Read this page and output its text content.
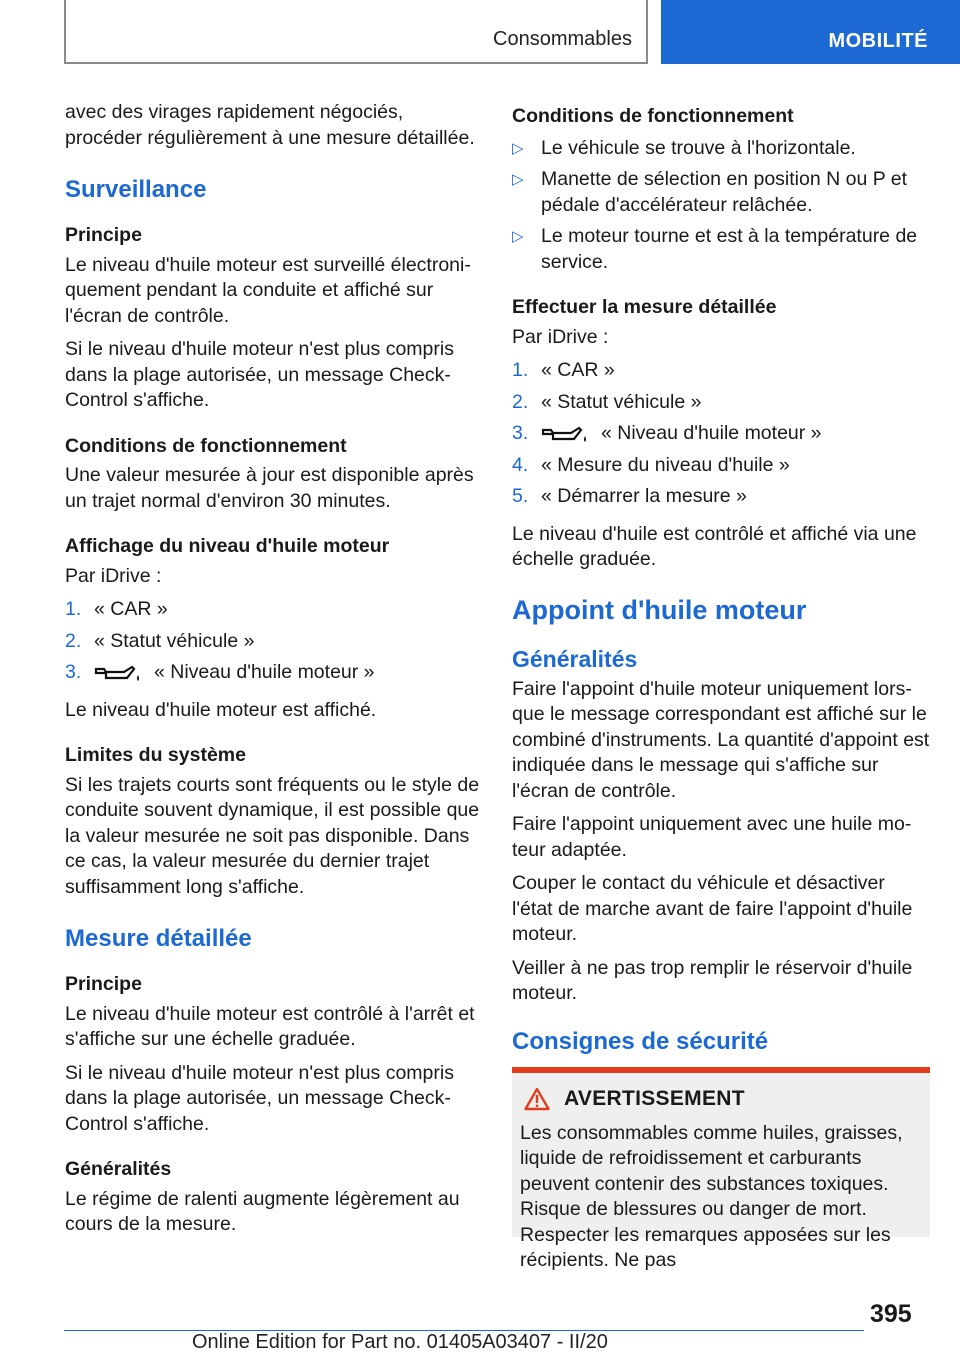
Consommables	MOBILITÉ

avec des virages rapidement négociés, procéder régulièrement à une mesure détaillée.

Surveillance
Principe

Le niveau d'huile moteur est surveillé électroniquement pendant la conduite et affiché sur l'écran de contrôle.

Si le niveau d'huile moteur n'est plus compris dans la plage autorisée, un message Check-Control s'affiche.

Conditions de fonctionnement

Une valeur mesurée à jour est disponible après un trajet normal d'environ 30 minutes.

Affichage du niveau d'huile moteur

Par iDrive :

1. « CAR »
2. « Statut véhicule »
3.	« Niveau d'huile moteur »

Le niveau d'huile moteur est affiché.

Limites du système

Si les trajets courts sont fréquents ou le style de conduite souvent dynamique, il est possible que la valeur mesurée ne soit pas disponible. Dans ce cas, la valeur mesurée du dernier trajet suffisamment long s'affiche.

Mesure détaillée
Principe

Le niveau d'huile moteur est contrôlé à l'arrêt et s'affiche sur une échelle graduée.

Si le niveau d'huile moteur n'est plus compris dans la plage autorisée, un message Check-Control s'affiche.

Généralités

Le régime de ralenti augmente légèrement au cours de la mesure.

Conditions de fonctionnement
▷ Le véhicule se trouve à l'horizontale.
▷ Manette de sélection en position N ou P et pédale d'accélérateur relâchée.
▷ Le moteur tourne et est à la température de service.
Effectuer la mesure détaillée

Par iDrive :

1. « CAR »
2. « Statut véhicule »
3.	« Niveau d'huile moteur »
4. « Mesure du niveau d'huile »
5. « Démarrer la mesure »

Le niveau d'huile est contrôlé et affiché via une échelle graduée.

Appoint d'huile moteur
Généralités

Faire l'appoint d'huile moteur uniquement lorsque le message correspondant est affiché sur le combiné d'instruments. La quantité d'appoint est indiquée dans le message qui s'affiche sur l'écran de contrôle.

Faire l'appoint uniquement avec une huile moteur adaptée.

Couper le contact du véhicule et désactiver l'état de marche avant de faire l'appoint d'huile moteur.

Veiller à ne pas trop remplir le réservoir d'huile moteur.

Consignes de sécurité
AVERTISSEMENT

Les consommables comme huiles, graisses, liquide de refroidissement et carburants peuvent contenir des substances toxiques. Risque de blessures ou danger de mort. Respecter les remarques apposées sur les récipients. Ne pas

395
Online Edition for Part no. 01405A03407 - II/20
